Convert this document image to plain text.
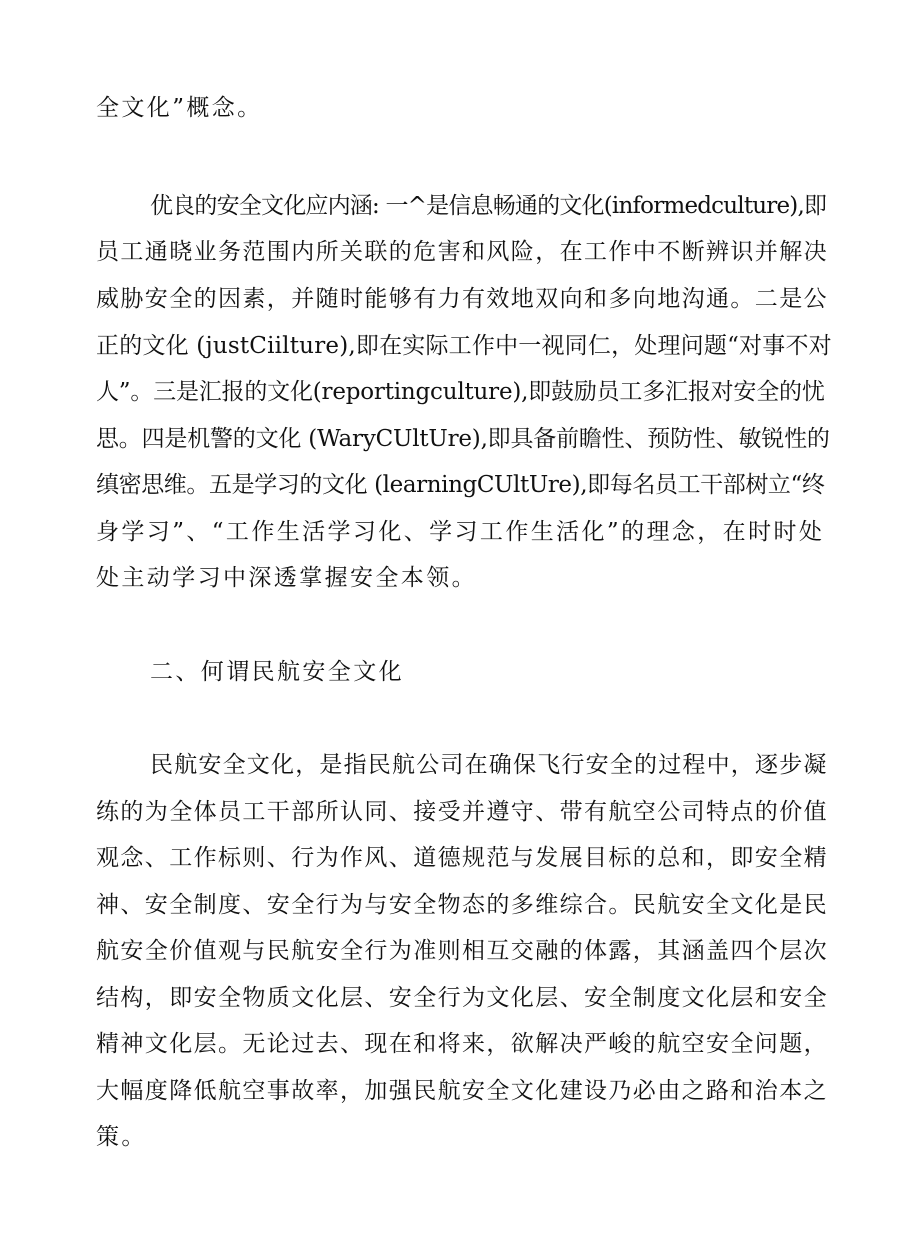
全文化”概念。
优良的安全文化应内涵: 一^是信息畅通的文化(informedculture),即
员工通晓业务范围内所关联的危害和风险，在工作中不断辨识并解决
威胁安全的因素，并随时能够有力有效地双向和多向地沟通。二是公
正的文化 (justCiilture),即在实际工作中一视同仁，处理问题“对事不对
人”。三是汇报的文化(reportingculture),即鼓励员工多汇报对安全的忧
思。四是机警的文化 (WaryCUltUre),即具备前瞻性、预防性、敏锐性的
缜密思维。五是学习的文化 (learningCUltUre),即每名员工干部树立“终
身学习”、“工作生活学习化、学习工作生活化”的理念，在时时处
处主动学习中深透掌握安全本领。
二、何谓民航安全文化
民航安全文化，是指民航公司在确保飞行安全的过程中，逐步凝
练的为全体员工干部所认同、接受并遵守、带有航空公司特点的价值
观念、工作标则、行为作风、道德规范与发展目标的总和，即安全精
神、安全制度、安全行为与安全物态的多维综合。民航安全文化是民
航安全价值观与民航安全行为准则相互交融的体露，其涵盖四个层次
结构，即安全物质文化层、安全行为文化层、安全制度文化层和安全
精神文化层。无论过去、现在和将来，欲解决严峻的航空安全问题，
大幅度降低航空事故率，加强民航安全文化建设乃必由之路和治本之
策。
